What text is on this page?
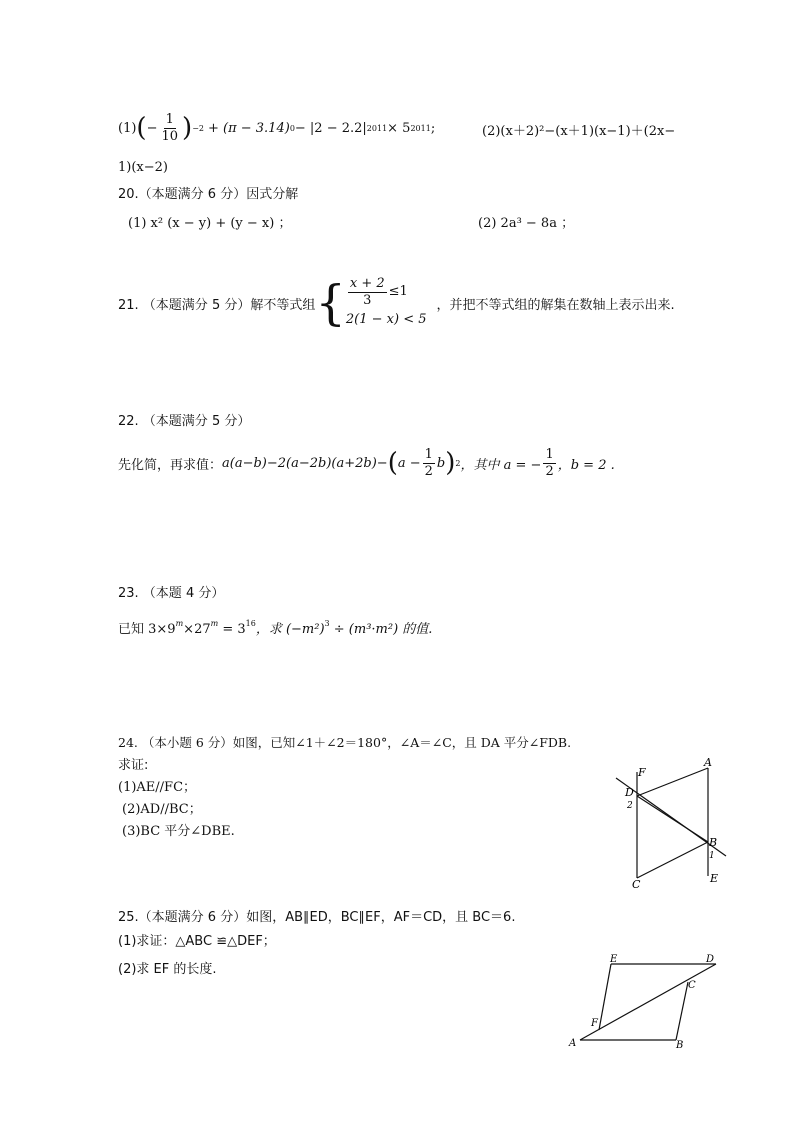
(1) ( − $\frac{1}{10}$ ) −2 + (π − 3.14) 0 − |2 − 2.2| 2011 × 5 2011 ;	(2)(x＋2)²−(x＋1)(x−1)＋(2x−
1)(x−2)
20.（本题满分 6 分）因式分解
(1) x² (x − y) + (y − x) ；	(2) 2a³ − 8a ；
21. （本题满分 5 分）解不等式组 { $\frac{x + 2}{3} \le 1$
2(1 − x) < 5
，并把不等式组的解集在数轴上表示出来.
22. （本题满分 5 分）
先化简，再求值： a(a−b)−2(a−2b)(a+2b)− ( $a - \frac{1}{2}$ b ) 2 ，其中 a = − $\frac{1}{2}$ ，b = 2 .
23. （本题 4 分）
已知 $3\times 9^m\times 27^m = 3^{16}$，求 $(-m^2)^3 \div (m^3\cdot m^2)$ 的值.
24. （本小题 6 分）如图，已知∠1＋∠2＝180°，∠A＝∠C，且 DA 平分∠FDB.
求证:
(1)AE//FC；
(2)AD//BC；
(3)BC 平分∠DBE.
F
D
2
A
B
1
E
C
25.（本题满分 6 分）如图，AB∥ED，BC∥EF，AF＝CD，且 BC＝6.
(1)求证：△ABC ≌△DEF；
(2)求 EF 的长度.
E	D
C
F
A	B
